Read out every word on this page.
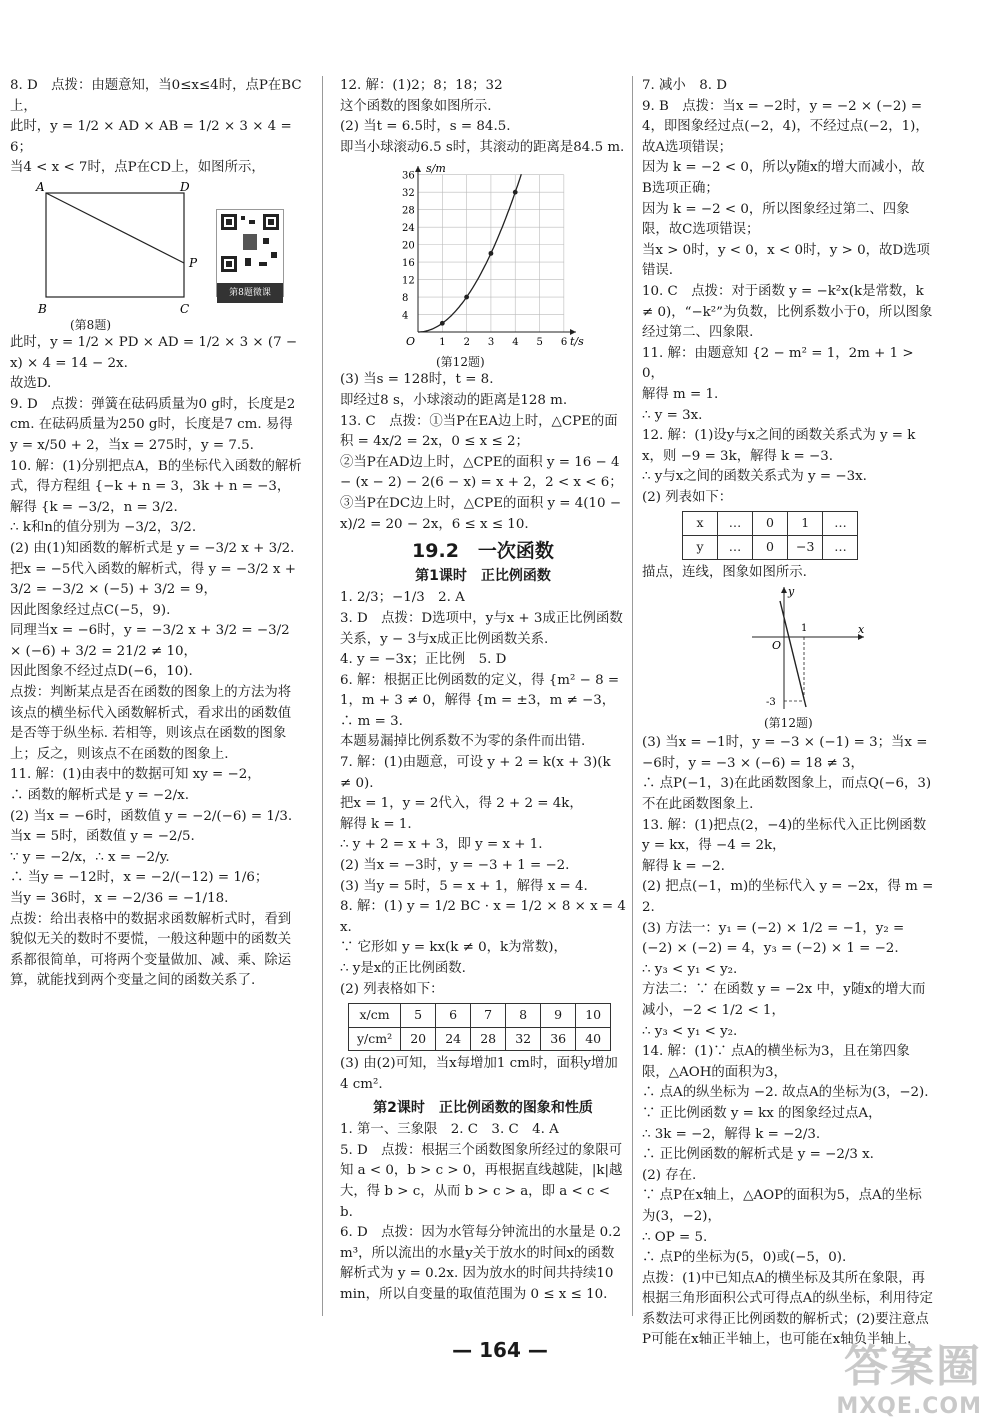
8. D　点拨：由题意知，当0≤x≤4时，点P在BC上，

此时，y = 1/2 × AD × AB = 1/2 × 3 × 4 = 6；

当4 < x < 7时，点P在CD上，如图所示，

A	D
P
B	C
第8题微课
(第8题)

此时，y = 1/2 × PD × AD = 1/2 × 3 × (7 − x) × 4 = 14 − 2x.

故选D.

9. D　点拨：弹簧在砝码质量为0 g时，长度是2 cm. 在砝码质量为250 g时，长度是7 cm. 易得 y = x/50 + 2，当x = 275时，y = 7.5.

10. 解：(1)分别把点A，B的坐标代入函数的解析式，得方程组 {−k + n = 3，3k + n = −3，

解得 {k = −3/2，n = 3/2.

∴ k和n的值分别为 −3/2，3/2.

(2) 由(1)知函数的解析式是 y = −3/2 x + 3/2.

把x = −5代入函数的解析式，得 y = −3/2 x + 3/2 = −3/2 × (−5) + 3/2 = 9，

因此图象经过点C(−5，9).

同理当x = −6时，y = −3/2 x + 3/2 = −3/2 × (−6) + 3/2 = 21/2 ≠ 10，

因此图象不经过点D(−6，10).

点拨：判断某点是否在函数的图象上的方法为将该点的横坐标代入函数解析式，看求出的函数值是否等于纵坐标. 若相等，则该点在函数的图象上；反之，则该点不在函数的图象上.

11. 解：(1)由表中的数据可知 xy = −2，

∴ 函数的解析式是 y = −2/x.

(2) 当x = −6时，函数值 y = −2/(−6) = 1/3.

当x = 5时，函数值 y = −2/5.

∵ y = −2/x，∴ x = −2/y.

∴ 当y = −12时，x = −2/(−12) = 1/6；

当y = 36时，x = −2/36 = −1/18.

点拨：给出表格中的数据求函数解析式时，看到貌似无关的数时不要慌，一般这种题中的函数关系都很简单，可将两个变量做加、减、乘、除运算，就能找到两个变量之间的函数关系了.

12. 解：(1)2；8；18；32

这个函数的图象如图所示.

(2) 当t = 6.5时，s = 84.5.

即当小球滚动6.5 s时，其滚动的距离是84.5 m.

1 2 3 4 5 6
4
8
12
16
20
24
28
32
36
O	t/s
s/m
(第12题)

(3) 当s = 128时，t = 8.

即经过8 s，小球滚动的距离是128 m.

13. C　点拨：①当P在EA边上时，△CPE的面积 = 4x/2 = 2x，0 ≤ x ≤ 2；

②当P在AD边上时，△CPE的面积 y = 16 − 4 − (x − 2) − 2(6 − x) = x + 2，2 < x < 6；

③当P在DC边上时，△CPE的面积 y = 4(10 − x)/2 = 20 − 2x，6 ≤ x ≤ 10.

19.2　一次函数
第1课时　正比例函数

1. 2/3；−1/3　2. A

3. D　点拨：D选项中，y与x + 3成正比例函数关系，y − 3与x成正比例函数关系.

4. y = −3x；正比例　5. D

6. 解：根据正比例函数的定义，得 {m² − 8 = 1，m + 3 ≠ 0，解得 {m = ±3，m ≠ −3，∴ m = 3.

本题易漏掉比例系数不为零的条件而出错.

7. 解：(1)由题意，可设 y + 2 = k(x + 3)(k ≠ 0).

把x = 1，y = 2代入，得 2 + 2 = 4k，

解得 k = 1.

∴ y + 2 = x + 3，即 y = x + 1.

(2) 当x = −3时，y = −3 + 1 = −2.

(3) 当y = 5时，5 = x + 1，解得 x = 4.

8. 解：(1) y = 1/2 BC · x = 1/2 × 8 × x = 4x.

∵ 它形如 y = kx(k ≠ 0，k为常数)，

∴ y是x的正比例函数.

(2) 列表格如下：

x/cm	5	6	7	8	9	10
y/cm²	20	24	28	32	36	40

(3) 由(2)可知，当x每增加1 cm时，面积y增加4 cm².

第2课时　正比例函数的图象和性质

1. 第一、三象限　2. C　3. C　4. A

5. D　点拨：根据三个函数图象所经过的象限可知 a < 0，b > c > 0，再根据直线越陡，|k|越大，得 b > c，从而 b > c > a，即 a < c < b.

6. D　点拨：因为水管每分钟流出的水量是 0.2 m³，所以流出的水量y关于放水的时间x的函数解析式为 y = 0.2x. 因为放水的时间共持续10 min，所以自变量的取值范围为 0 ≤ x ≤ 10.

7. 减小　8. D

9. B　点拨：当x = −2时，y = −2 × (−2) = 4，即图象经过点(−2，4)，不经过点(−2，1)，故A选项错误；

因为 k = −2 < 0，所以y随x的增大而减小，故B选项正确；

因为 k = −2 < 0，所以图象经过第二、四象限，故C选项错误；

当x > 0时，y < 0，x < 0时，y > 0，故D选项错误.

10. C　点拨：对于函数 y = −k²x(k是常数，k ≠ 0)，“−k²”为负数，比例系数小于0，所以图象经过第二、四象限.

11. 解：由题意知 {2 − m² = 1，2m + 1 > 0，

解得 m = 1.

∴ y = 3x.

12. 解：(1)设y与x之间的函数关系式为 y = kx，则 −9 = 3k，解得 k = −3.

∴ y与x之间的函数关系式为 y = −3x.

(2) 列表如下：

x	…	0	1	…
y	…	0	−3	…

描点，连线，图象如图所示.

x
y
O
1
-3
(第12题)

(3) 当x = −1时，y = −3 × (−1) = 3；当x = −6时，y = −3 × (−6) = 18 ≠ 3，

∴ 点P(−1，3)在此函数图象上，而点Q(−6，3)不在此函数图象上.

13. 解：(1)把点(2，−4)的坐标代入正比例函数 y = kx，得 −4 = 2k，

解得 k = −2.

(2) 把点(−1，m)的坐标代入 y = −2x，得 m = 2.

(3) 方法一：y₁ = (−2) × 1/2 = −1，y₂ = (−2) × (−2) = 4，y₃ = (−2) × 1 = −2.

∴ y₃ < y₁ < y₂.

方法二：∵ 在函数 y = −2x 中，y随x的增大而减小，−2 < 1/2 < 1，

∴ y₃ < y₁ < y₂.

14. 解：(1)∵ 点A的横坐标为3，且在第四象限，△AOH的面积为3，

∴ 点A的纵坐标为 −2. 故点A的坐标为(3，−2).

∵ 正比例函数 y = kx 的图象经过点A，

∴ 3k = −2，解得 k = −2/3.

∴ 正比例函数的解析式是 y = −2/3 x.

(2) 存在.

∵ 点P在x轴上，△AOP的面积为5，点A的坐标为(3，−2)，

∴ OP = 5.

∴ 点P的坐标为(5，0)或(−5，0).

点拨：(1)中已知点A的横坐标及其所在象限，再根据三角形面积公式可得点A的纵坐标，利用待定系数法可求得正比例函数的解析式；(2)要注意点P可能在x轴正半轴上，也可能在x轴负半轴上.

— 164 —	答案圈
MXQE.COM
